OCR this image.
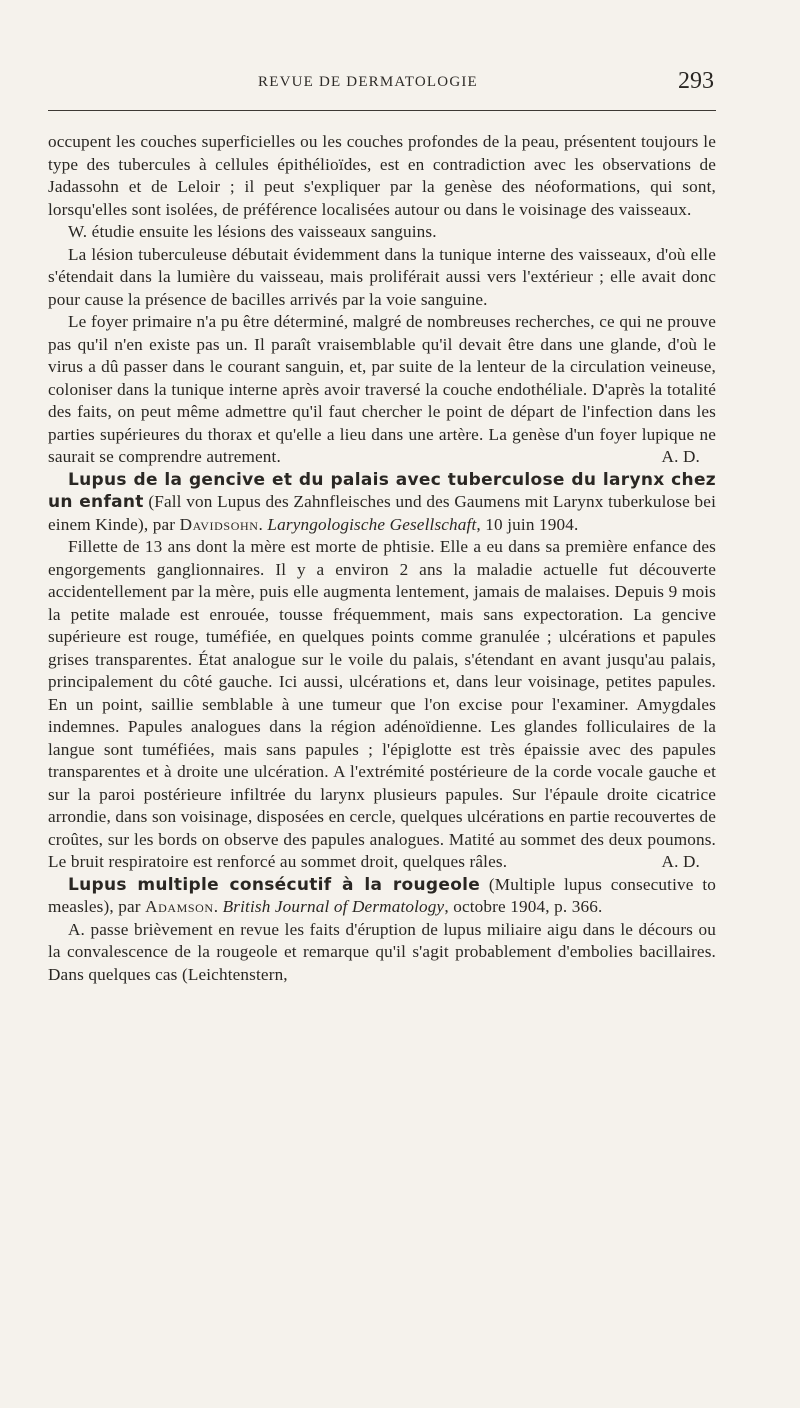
REVUE DE DERMATOLOGIE	293

occupent les couches superficielles ou les couches profondes de la peau, présentent toujours le type des tubercules à cellules épithélioïdes, est en contradiction avec les observations de Jadassohn et de Leloir ; il peut s'expliquer par la genèse des néoformations, qui sont, lorsqu'elles sont isolées, de préférence localisées autour ou dans le voisinage des vaisseaux.

W. étudie ensuite les lésions des vaisseaux sanguins.

La lésion tuberculeuse débutait évidemment dans la tunique interne des vaisseaux, d'où elle s'étendait dans la lumière du vaisseau, mais proliférait aussi vers l'extérieur ; elle avait donc pour cause la présence de bacilles arrivés par la voie sanguine.

Le foyer primaire n'a pu être déterminé, malgré de nombreuses recherches, ce qui ne prouve pas qu'il n'en existe pas un. Il paraît vraisemblable qu'il devait être dans une glande, d'où le virus a dû passer dans le courant sanguin, et, par suite de la lenteur de la circulation veineuse, coloniser dans la tunique interne après avoir traversé la couche endothéliale. D'après la totalité des faits, on peut même admettre qu'il faut chercher le point de départ de l'infection dans les parties supérieures du thorax et qu'elle a lieu dans une artère. La genèse d'un foyer lupique ne saurait se comprendre autrement.	A. D.

Lupus de la gencive et du palais avec tuberculose du larynx chez un enfant (Fall von Lupus des Zahnfleisches und des Gaumens mit Larynx tuberkulose bei einem Kinde), par Davidsohn. Laryngologische Gesellschaft, 10 juin 1904.

Fillette de 13 ans dont la mère est morte de phtisie. Elle a eu dans sa première enfance des engorgements ganglionnaires. Il y a environ 2 ans la maladie actuelle fut découverte accidentellement par la mère, puis elle augmenta lentement, jamais de malaises. Depuis 9 mois la petite malade est enrouée, tousse fréquemment, mais sans expectoration. La gencive supérieure est rouge, tuméfiée, en quelques points comme granulée ; ulcérations et papules grises transparentes. État analogue sur le voile du palais, s'étendant en avant jusqu'au palais, principalement du côté gauche. Ici aussi, ulcérations et, dans leur voisinage, petites papules. En un point, saillie semblable à une tumeur que l'on excise pour l'examiner. Amygdales indemnes. Papules analogues dans la région adénoïdienne. Les glandes folliculaires de la langue sont tuméfiées, mais sans papules ; l'épiglotte est très épaissie avec des papules transparentes et à droite une ulcération. A l'extrémité postérieure de la corde vocale gauche et sur la paroi postérieure infiltrée du larynx plusieurs papules. Sur l'épaule droite cicatrice arrondie, dans son voisinage, disposées en cercle, quelques ulcérations en partie recouvertes de croûtes, sur les bords on observe des papules analogues. Matité au sommet des deux poumons. Le bruit respiratoire est renforcé au sommet droit, quelques râles.	A. D.

Lupus multiple consécutif à la rougeole (Multiple lupus consecutive to measles), par Adamson. British Journal of Dermatology, octobre 1904, p. 366.

A. passe brièvement en revue les faits d'éruption de lupus miliaire aigu dans le décours ou la convalescence de la rougeole et remarque qu'il s'agit probablement d'embolies bacillaires. Dans quelques cas (Leichtenstern,
